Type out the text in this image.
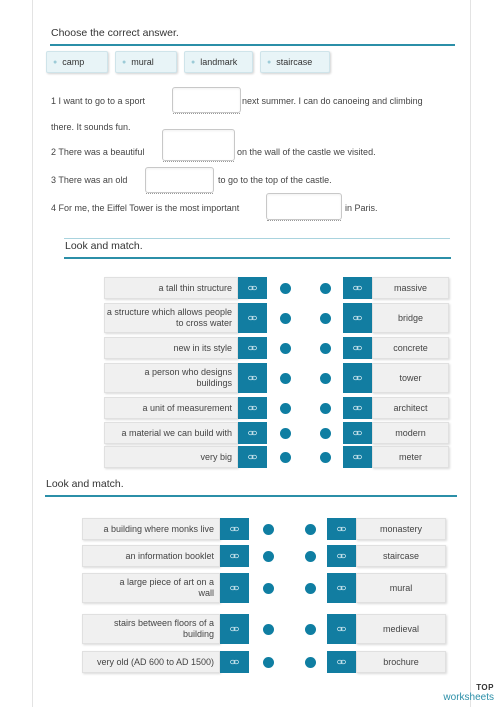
Choose the correct answer.
● camp	● mural	● landmark	● staircase
1 I want to go to a sport	next summer. I can do canoeing and climbing
there. It sounds fun.
2 There was a beautiful	on the wall of the castle we visited.
3 There was an old	to go to the top of the castle.
4 For me, the Eiffel Tower is the most important	in Paris.
Look and match.
a tall thin structure	massive
a structure which allows people to cross water	bridge
new in its style	concrete
a person who designs buildings	tower
a unit of measurement	architect
a material we can build with	modern
very big	meter
Look and match.
a building where monks live	monastery
an information booklet	staircase
a large piece of art on a wall	mural
stairs between floors of a building	medieval
very old (AD 600 to AD 1500)	brochure
TOP
worksheets
